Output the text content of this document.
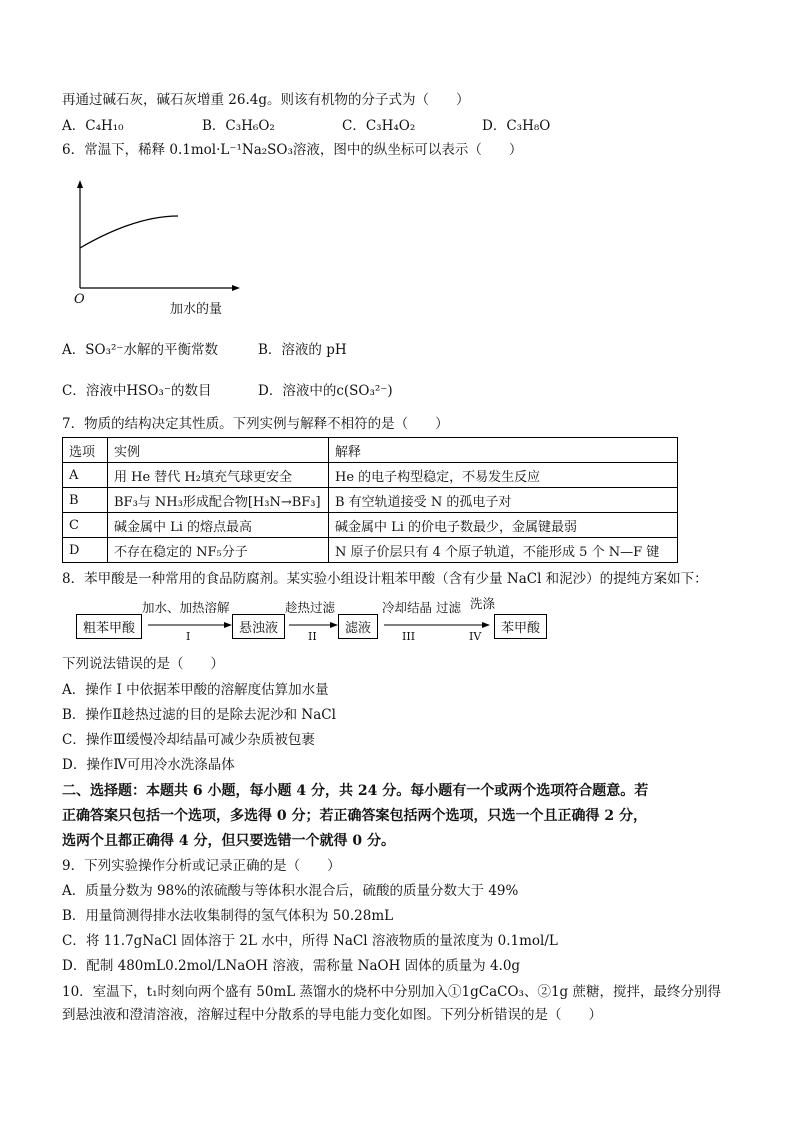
再通过碱石灰，碱石灰增重 26.4g。则该有机物的分子式为（　　）
A．C₄H₁₀	B．C₃H₆O₂	C．C₃H₄O₂	D．C₃H₈O
6．常温下，稀释 0.1mol·L⁻¹Na₂SO₃溶液，图中的纵坐标可以表示（　　）
O
加水的量
A．SO₃²⁻水解的平衡常数	B．溶液的 pH
C．溶液中HSO₃⁻的数目	D．溶液中的c(SO₃²⁻)
7．物质的结构决定其性质。下列实例与解释不相符的是（　　）
选项	实例	解释
A	用 He 替代 H₂填充气球更安全	He 的电子构型稳定，不易发生反应
B	BF₃与 NH₃形成配合物[H₃N→BF₃]	B 有空轨道接受 N 的孤电子对
C	碱金属中 Li 的熔点最高	碱金属中 Li 的价电子数最少，金属键最弱
D	不存在稳定的 NF₅分子	N 原子价层只有 4 个原子轨道，不能形成 5 个 N—F 键
8．苯甲酸是一种常用的食品防腐剂。某实验小组设计粗苯甲酸（含有少量 NaCl 和泥沙）的提纯方案如下：
粗苯甲酸	悬浊液	滤液	苯甲酸
加水、加热溶解	趁热过滤	冷却结晶 过滤 洗涤
I	II	III	IV
下列说法错误的是（　　）
A．操作 I 中依据苯甲酸的溶解度估算加水量
B．操作Ⅱ趁热过滤的目的是除去泥沙和 NaCl
C．操作Ⅲ缓慢冷却结晶可减少杂质被包裹
D．操作Ⅳ可用冷水洗涤晶体
二、选择题：本题共 6 小题，每小题 4 分，共 24 分。每小题有一个或两个选项符合题意。若
正确答案只包括一个选项，多选得 0 分；若正确答案包括两个选项，只选一个且正确得 2 分，
选两个且都正确得 4 分，但只要选错一个就得 0 分。
9．下列实验操作分析或记录正确的是（　　）
A．质量分数为 98%的浓硫酸与等体积水混合后，硫酸的质量分数大于 49%
B．用量筒测得排水法收集制得的氢气体积为 50.28mL
C．将 11.7gNaCl 固体溶于 2L 水中，所得 NaCl 溶液物质的量浓度为 0.1mol/L
D．配制 480mL0.2mol/LNaOH 溶液，需称量 NaOH 固体的质量为 4.0g
10．室温下，t₁时刻向两个盛有 50mL 蒸馏水的烧杯中分别加入①1gCaCO₃、②1g 蔗糖，搅拌，最终分别得
到悬浊液和澄清溶液，溶解过程中分散系的导电能力变化如图。下列分析错误的是（　　）
